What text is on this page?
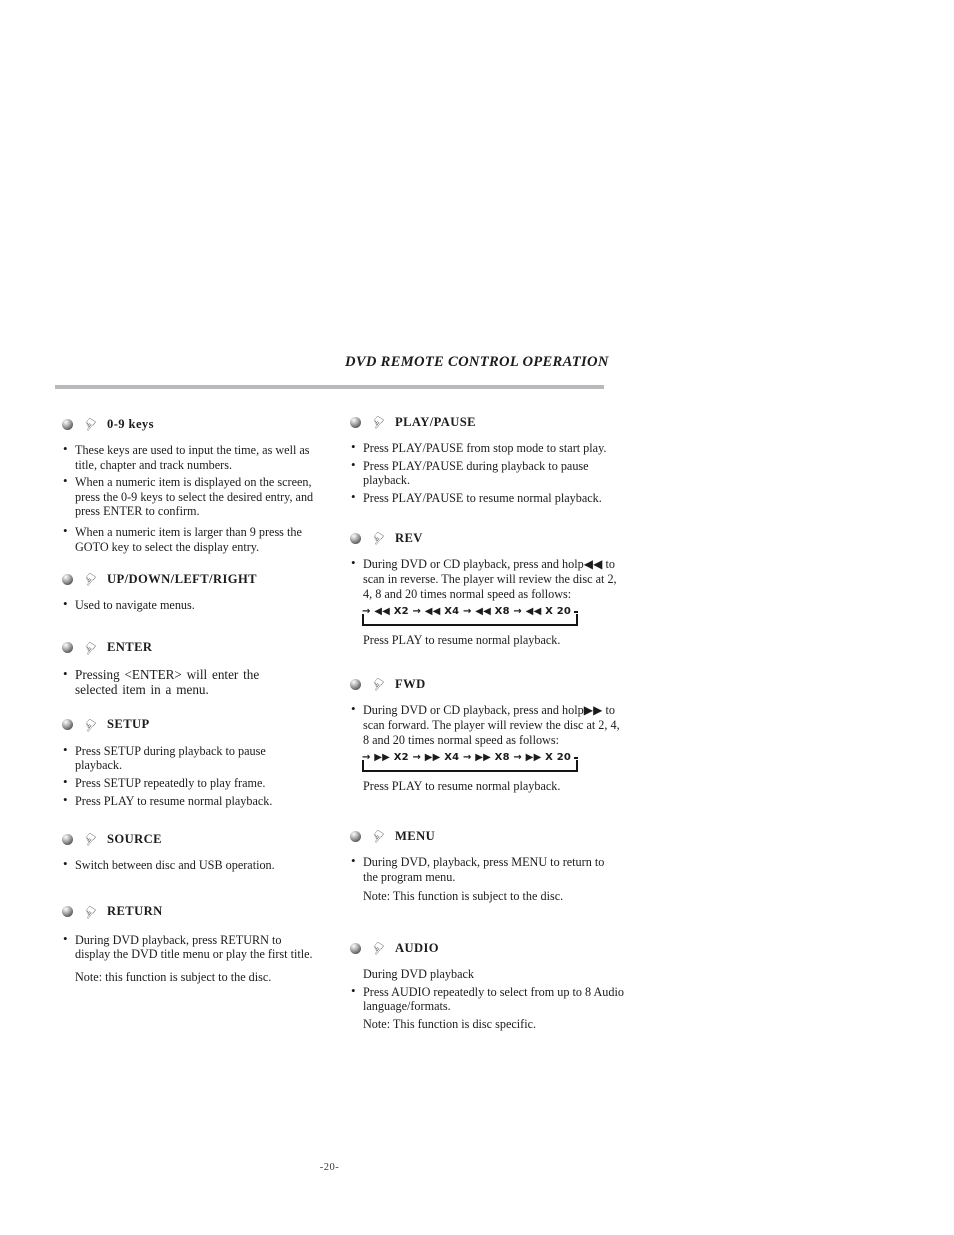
DVD REMOTE CONTROL OPERATION
☞ 0-9 keys
• These keys are used to input the time, as well as title, chapter and track numbers.
• When a numeric item is displayed on the screen, press the 0-9 keys to select the desired entry, and press ENTER to confirm.
• When a numeric item is larger than 9 press the GOTO key to select the display entry.
☞ UP/DOWN/LEFT/RIGHT
• Used to navigate menus.
☞ ENTER
• Pressing <ENTER> will enter the selected item in a menu.
☞ SETUP
• Press SETUP during playback to pause playback.
• Press SETUP repeatedly to play frame.
• Press PLAY to resume normal playback.
☞ SOURCE
• Switch between disc and USB operation.
☞ RETURN
• During DVD playback, press RETURN to display the DVD title menu or play the first title.
Note: this function is subject to the disc.
☞ PLAY/PAUSE
• Press PLAY/PAUSE from stop mode to start play.
• Press PLAY/PAUSE during playback to pause playback.
• Press PLAY/PAUSE to resume normal playback.
☞ REV
• During DVD or CD playback, press and holp◀◀ to scan in reverse. The player will review the disc at 2, 4, 8 and 20 times normal speed as follows:
→ ◀◀ X2 → ◀◀ X4 → ◀◀ X8 → ◀◀ X 20
Press PLAY to resume normal playback.
☞ FWD
• During DVD or CD playback, press and holp▶▶ to scan forward. The player will review the disc at 2, 4, 8 and 20 times normal speed as follows:
→ ▶▶ X2 → ▶▶ X4 → ▶▶ X8 → ▶▶ X 20
Press PLAY to resume normal playback.
☞ MENU
• During DVD, playback, press MENU to return to the program menu.
Note: This function is subject to the disc.
☞ AUDIO
During DVD playback
• Press AUDIO repeatedly to select from up to 8 Audio language/formats.
Note: This function is disc specific.
-20-
